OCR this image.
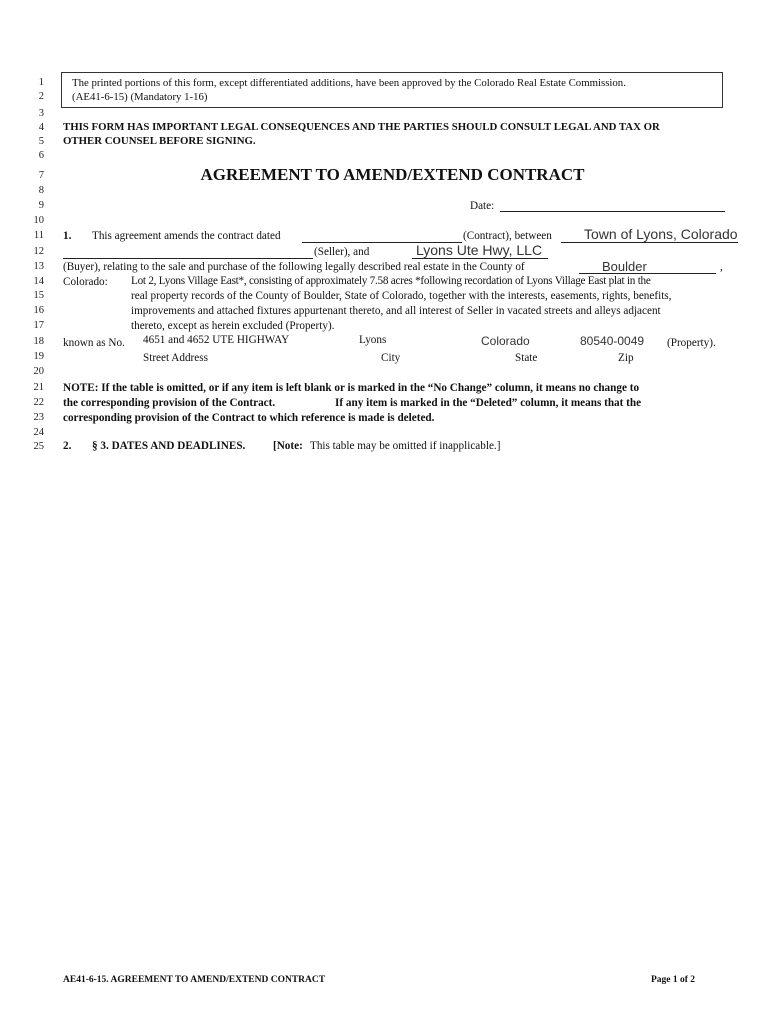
1
2
3
4
5
6
7
8
9
10
11
12
13
14
15
16
17
18
19
20
21
22
23
24
25
The printed portions of this form, except differentiated additions, have been approved by the Colorado Real Estate Commission.
(AE41-6-15) (Mandatory 1-16)
THIS FORM HAS IMPORTANT LEGAL CONSEQUENCES AND THE PARTIES SHOULD CONSULT LEGAL AND TAX OR
OTHER COUNSEL BEFORE SIGNING.
AGREEMENT TO AMEND/EXTEND CONTRACT
Date:
1. This agreement amends the contract dated	(Contract), between Town of Lyons, Colorado
(Seller), and	Lyons Ute Hwy, LLC
(Buyer), relating to the sale and purchase of the following legally described real estate in the County of	Boulder	,
Colorado: Lot 2, Lyons Village East*, consisting of approximately 7.58 acres *following recordation of Lyons Village East plat in the
real property records of the County of Boulder, State of Colorado, together with the interests, easements, rights, benefits,
improvements and attached fixtures appurtenant thereto, and all interest of Seller in vacated streets and alleys adjacent
thereto, except as herein excluded (Property).
known as No. 4651 and 4652 UTE HIGHWAY	Lyons	Colorado	80540-0049 (Property).
Street Address	City	State	Zip
NOTE: If the table is omitted, or if any item is left blank or is marked in the “No Change” column, it means no change to
the corresponding provision of the Contract.	If any item is marked in the “Deleted” column, it means that the
corresponding provision of the Contract to which reference is made is deleted.
2. § 3. DATES AND DEADLINES. [Note: This table may be omitted if inapplicable.]
AE41-6-15. AGREEMENT TO AMEND/EXTEND CONTRACT	Page 1 of 2
